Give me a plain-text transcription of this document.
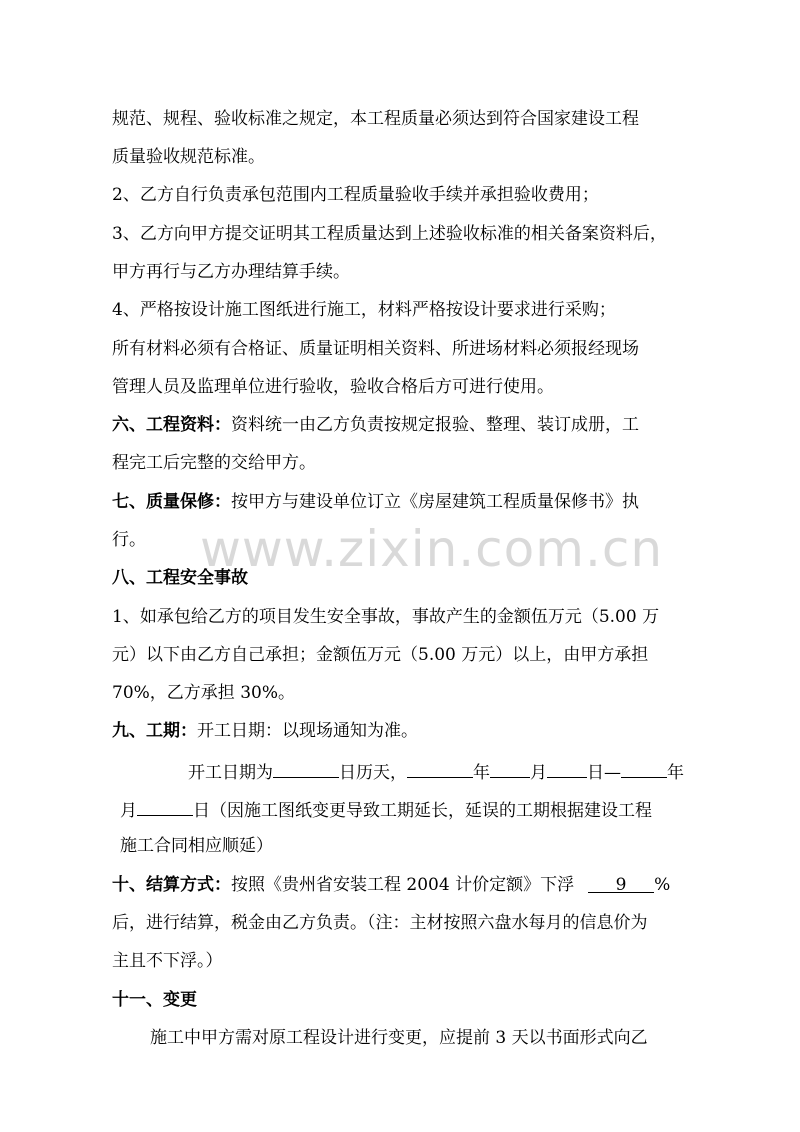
www.zixin.com.cn
规范、规程、验收标准之规定，本工程质量必须达到符合国家建设工程
质量验收规范标准。
2、乙方自行负责承包范围内工程质量验收手续并承担验收费用；
3、乙方向甲方提交证明其工程质量达到上述验收标准的相关备案资料后，
甲方再行与乙方办理结算手续。
4、严格按设计施工图纸进行施工，材料严格按设计要求进行采购；
所有材料必须有合格证、质量证明相关资料、所进场材料必须报经现场
管理人员及监理单位进行验收，验收合格后方可进行使用。
六、工程资料：资料统一由乙方负责按规定报验、整理、装订成册，工
程完工后完整的交给甲方。
七、质量保修：按甲方与建设单位订立《房屋建筑工程质量保修书》执
行。
八、工程安全事故
1、如承包给乙方的项目发生安全事故，事故产生的金额伍万元（5.00 万
元）以下由乙方自己承担；金额伍万元（5.00 万元）以上，由甲方承担
70%，乙方承担 30%。
九、工期：开工日期：以现场通知为准。
开工日期为	日历天，	年 月 日—	年
月	日（因施工图纸变更导致工期延长，延误的工期根据建设工程
施工合同相应顺延）
十、结算方式：按照《贵州省安装工程 2004 计价定额》下浮 9 %
后，进行结算，税金由乙方负责。（注：主材按照六盘水每月的信息价为
主且不下浮。）
十一、变更
施工中甲方需对原工程设计进行变更，应提前 3 天以书面形式向乙
